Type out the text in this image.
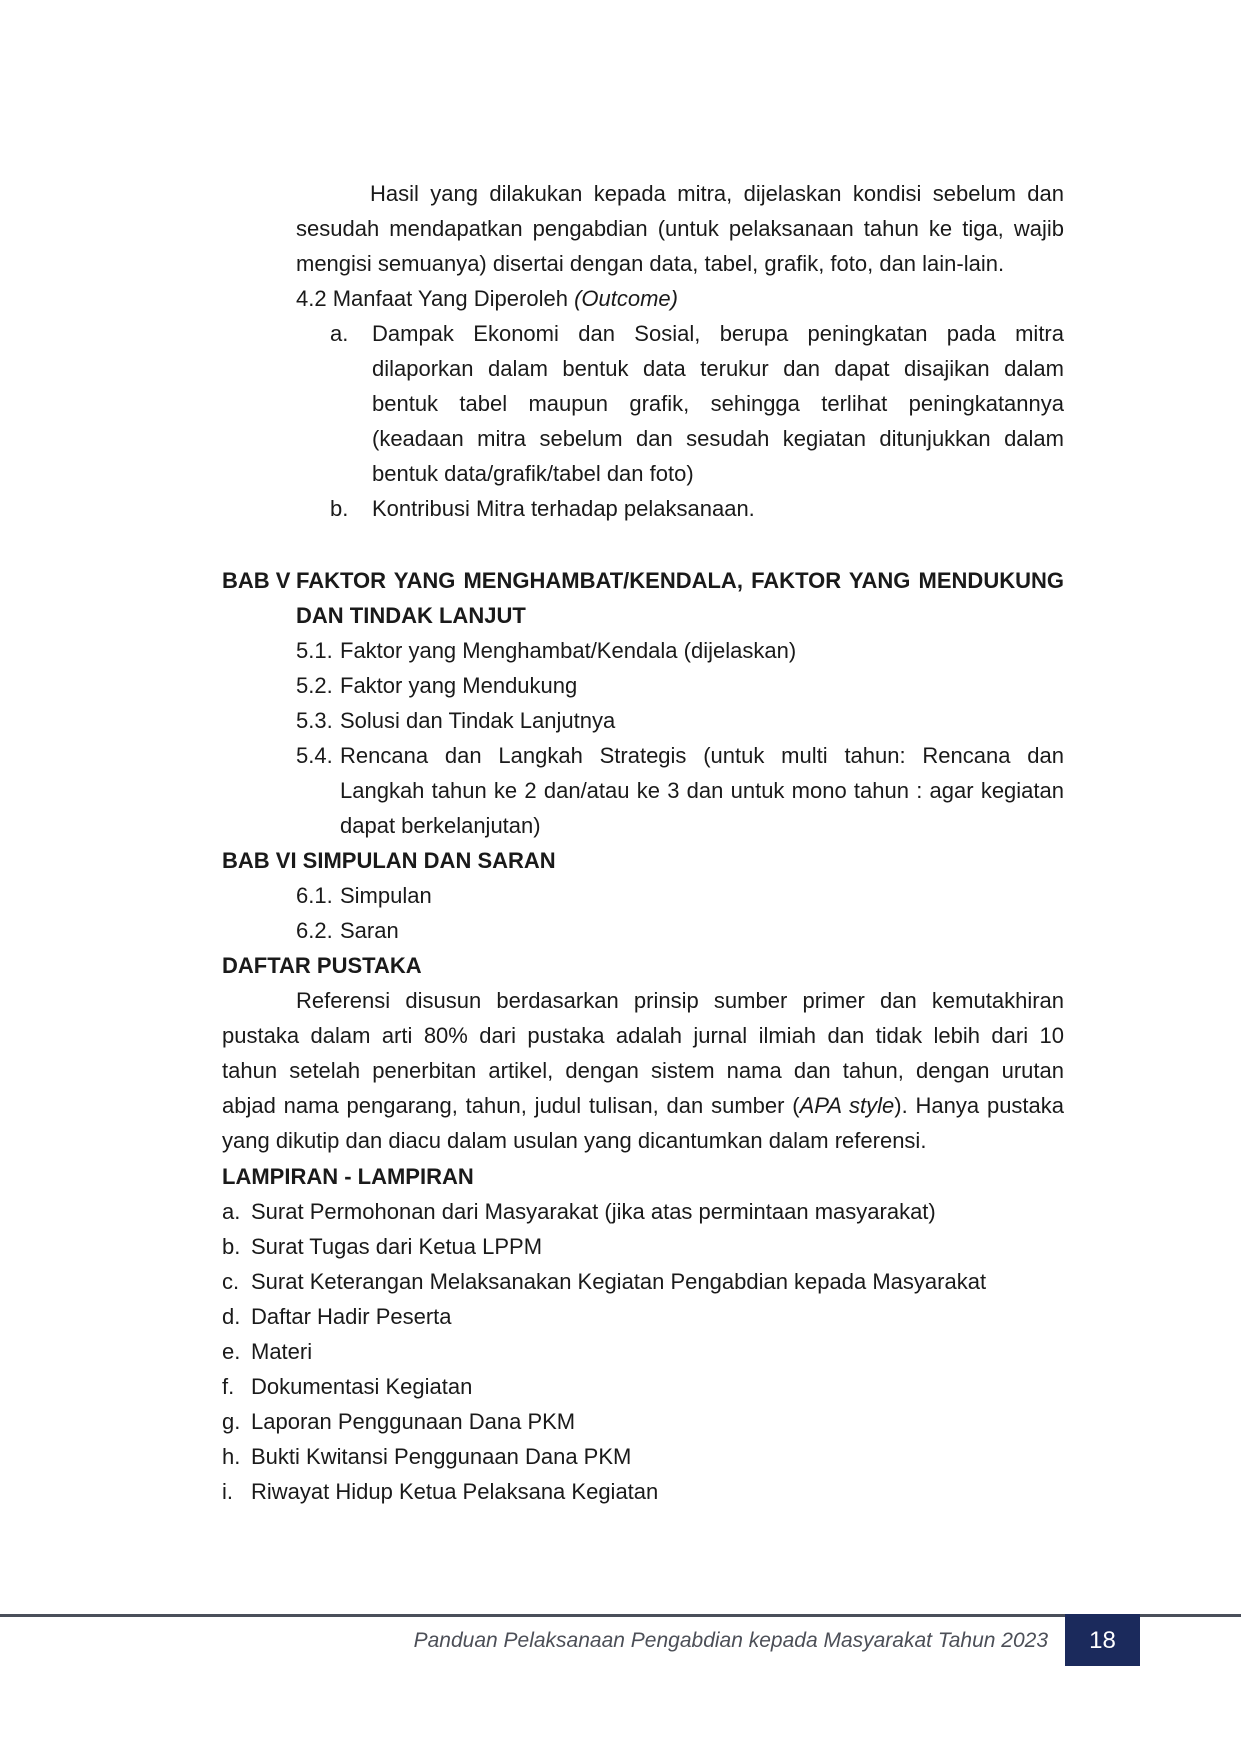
Hasil yang dilakukan kepada mitra, dijelaskan kondisi sebelum dan
sesudah mendapatkan pengabdian (untuk pelaksanaan tahun ke tiga, wajib
mengisi semuanya) disertai dengan data, tabel, grafik, foto, dan lain-lain.
4.2 Manfaat Yang Diperoleh (Outcome)
a.	Dampak Ekonomi dan Sosial, berupa peningkatan pada mitra
dilaporkan dalam bentuk data terukur dan dapat disajikan dalam
bentuk tabel maupun grafik, sehingga terlihat peningkatannya
(keadaan mitra sebelum dan sesudah kegiatan ditunjukkan dalam
bentuk data/grafik/tabel dan foto)
b.	Kontribusi Mitra terhadap pelaksanaan.
BAB V FAKTOR YANG MENGHAMBAT/KENDALA, FAKTOR YANG MENDUKUNG
DAN TINDAK LANJUT
5.1. Faktor yang Menghambat/Kendala (dijelaskan)
5.2. Faktor yang Mendukung
5.3. Solusi dan Tindak Lanjutnya
5.4. Rencana dan Langkah Strategis (untuk multi tahun: Rencana dan
Langkah tahun ke 2 dan/atau ke 3 dan untuk mono tahun : agar kegiatan
dapat berkelanjutan)
BAB VI SIMPULAN DAN SARAN
6.1. Simpulan
6.2. Saran
DAFTAR PUSTAKA
Referensi disusun berdasarkan prinsip sumber primer dan kemutakhiran
pustaka dalam arti 80% dari pustaka adalah jurnal ilmiah dan tidak lebih dari 10
tahun setelah penerbitan artikel, dengan sistem nama dan tahun, dengan urutan
abjad nama pengarang, tahun, judul tulisan, dan sumber (APA style). Hanya pustaka
yang dikutip dan diacu dalam usulan yang dicantumkan dalam referensi.
LAMPIRAN - LAMPIRAN
a. Surat Permohonan dari Masyarakat (jika atas permintaan masyarakat)
b. Surat Tugas dari Ketua LPPM
c. Surat Keterangan Melaksanakan Kegiatan Pengabdian kepada Masyarakat
d. Daftar Hadir Peserta
e. Materi
f. Dokumentasi Kegiatan
g. Laporan Penggunaan Dana PKM
h. Bukti Kwitansi Penggunaan Dana PKM
i. Riwayat Hidup Ketua Pelaksana Kegiatan
Panduan Pelaksanaan Pengabdian kepada Masyarakat Tahun 2023 18
